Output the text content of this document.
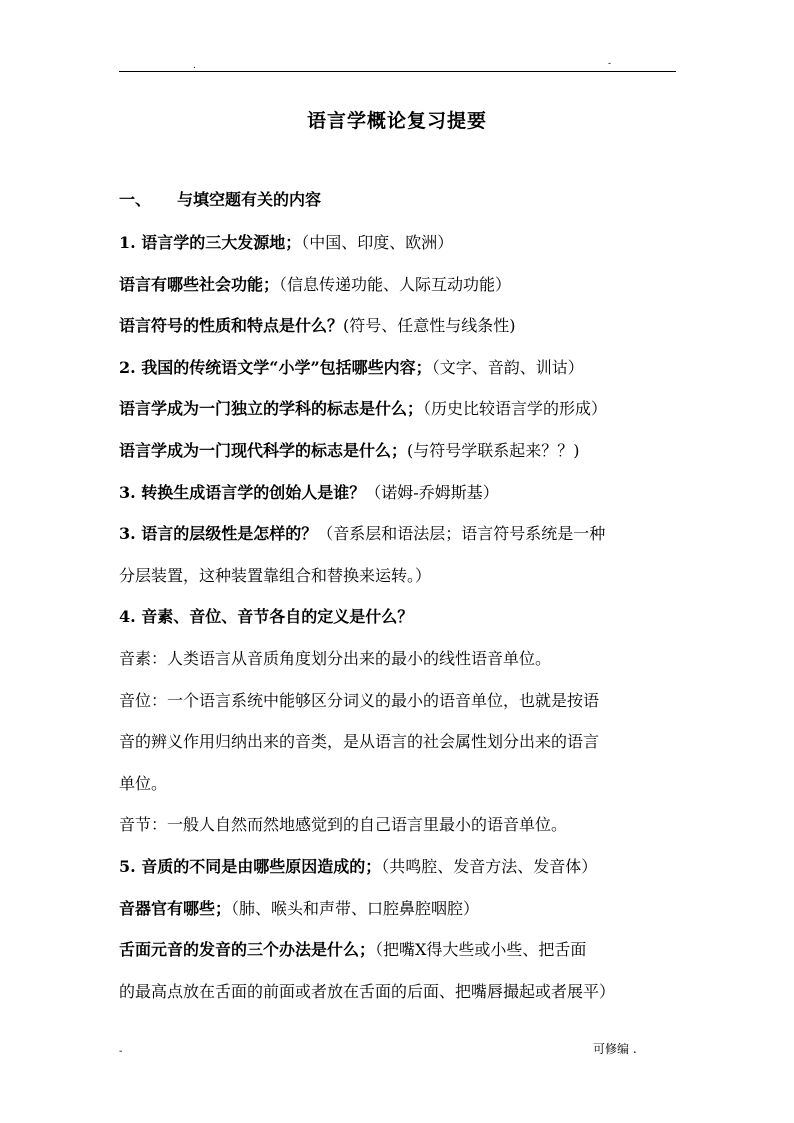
.	-
语言学概论复习提要
一、 与填空题有关的内容
1. 语言学的三大发源地；（中国、印度、欧洲）
语言有哪些社会功能；（信息传递功能、人际互动功能）
语言符号的性质和特点是什么？(符号、任意性与线条性)
2. 我国的传统语文学“小学”包括哪些内容；（文字、音韵、训诂）
语言学成为一门独立的学科的标志是什么；（历史比较语言学的形成）
语言学成为一门现代科学的标志是什么；(与符号学联系起来？？)
3. 转换生成语言学的创始人是谁？（诺姆-乔姆斯基）
3. 语言的层级性是怎样的？（音系层和语法层；语言符号系统是一种
分层装置，这种装置靠组合和替换来运转。）
4. 音素、音位、音节各自的定义是什么？
音素：人类语言从音质角度划分出来的最小的线性语音单位。
音位：一个语言系统中能够区分词义的最小的语音单位，也就是按语
音的辨义作用归纳出来的音类，是从语言的社会属性划分出来的语言
单位。
音节：一般人自然而然地感觉到的自己语言里最小的语音单位。
5. 音质的不同是由哪些原因造成的；（共鸣腔、发音方法、发音体）
音器官有哪些；（肺、喉头和声带、口腔鼻腔咽腔）
舌面元音的发音的三个办法是什么；（把嘴X得大些或小些、把舌面
的最高点放在舌面的前面或者放在舌面的后面、把嘴唇撮起或者展平）
-	可修编 .
